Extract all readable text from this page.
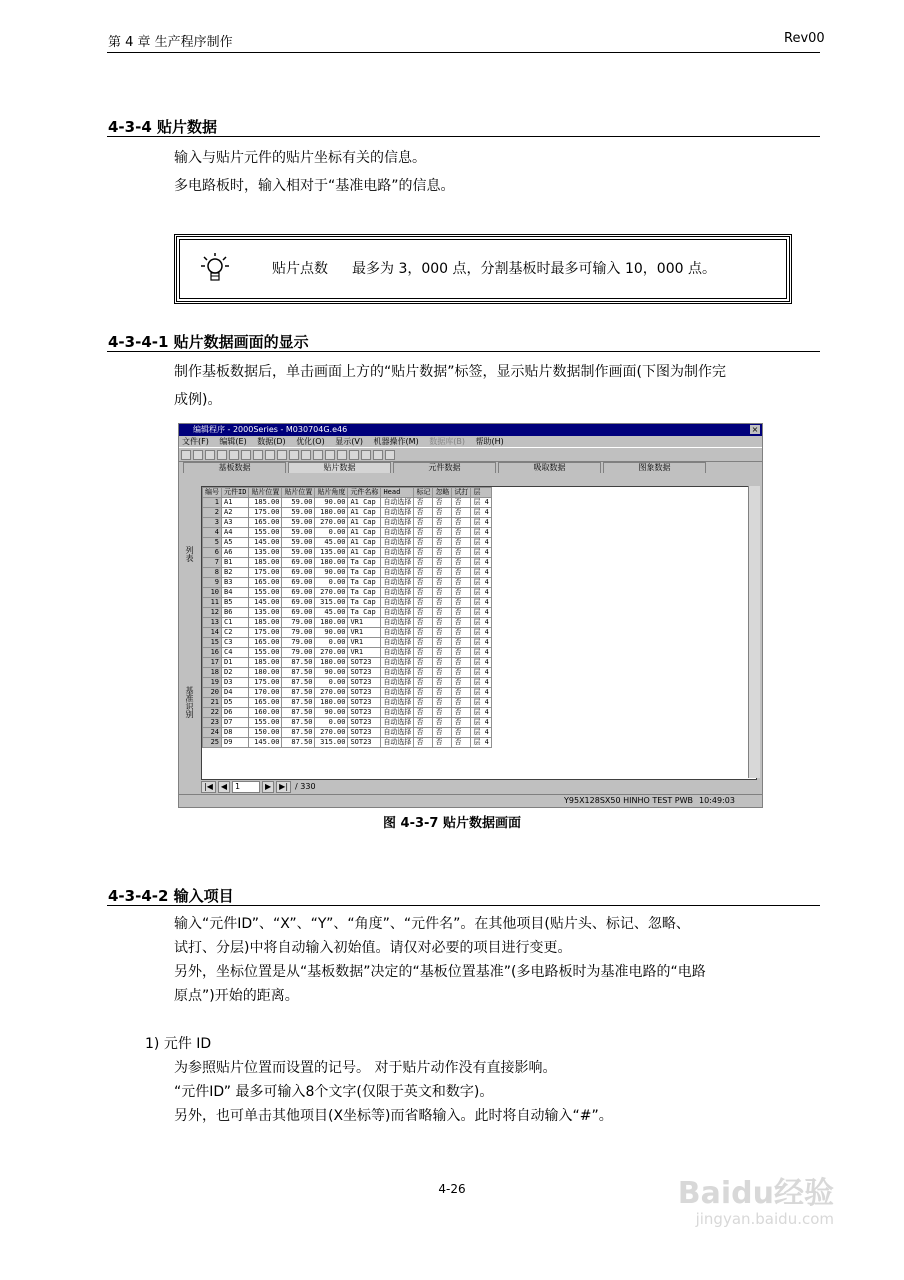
第 4 章 生产程序制作	Rev00
4-3-4 贴片数据
输入与贴片元件的贴片坐标有关的信息。
多电路板时，输入相对于“基准电路”的信息。
贴片点数 最多为 3，000 点，分割基板时最多可输入 10，000 点。
4-3-4-1 贴片数据画面的显示
制作基板数据后，单击画面上方的“贴片数据”标签，显示贴片数据制作画面(下图为制作完
成例)。
编辑程序 - 2000Series - M030704G.e46	×
文件(F) 编辑(E) 数据(D) 优化(O) 显示(V) 机器操作(M) 数据库(B) 帮助(H)
基板数据	贴片数据	元件数据	吸取数据	图象数据
列表
基准识别
编号	元件ID	贴片位置	贴片位置	贴片角度	元件名称	Head	标记	忽略	试打	层
1	A1	185.00	59.00	90.00	A1 Cap	自动选择	否	否	否	层 4
2	A2	175.00	59.00	180.00	A1 Cap	自动选择	否	否	否	层 4
3	A3	165.00	59.00	270.00	A1 Cap	自动选择	否	否	否	层 4
4	A4	155.00	59.00	0.00	A1 Cap	自动选择	否	否	否	层 4
5	A5	145.00	59.00	45.00	A1 Cap	自动选择	否	否	否	层 4
6	A6	135.00	59.00	135.00	A1 Cap	自动选择	否	否	否	层 4
7	B1	185.00	69.00	180.00	Ta Cap	自动选择	否	否	否	层 4
8	B2	175.00	69.00	90.00	Ta Cap	自动选择	否	否	否	层 4
9	B3	165.00	69.00	0.00	Ta Cap	自动选择	否	否	否	层 4
10	B4	155.00	69.00	270.00	Ta Cap	自动选择	否	否	否	层 4
11	B5	145.00	69.00	315.00	Ta Cap	自动选择	否	否	否	层 4
12	B6	135.00	69.00	45.00	Ta Cap	自动选择	否	否	否	层 4
13	C1	185.00	79.00	180.00	VR1	自动选择	否	否	否	层 4
14	C2	175.00	79.00	90.00	VR1	自动选择	否	否	否	层 4
15	C3	165.00	79.00	0.00	VR1	自动选择	否	否	否	层 4
16	C4	155.00	79.00	270.00	VR1	自动选择	否	否	否	层 4
17	D1	185.00	87.50	180.00	SOT23	自动选择	否	否	否	层 4
18	D2	180.00	87.50	90.00	SOT23	自动选择	否	否	否	层 4
19	D3	175.00	87.50	0.00	SOT23	自动选择	否	否	否	层 4
20	D4	170.00	87.50	270.00	SOT23	自动选择	否	否	否	层 4
21	D5	165.00	87.50	180.00	SOT23	自动选择	否	否	否	层 4
22	D6	160.00	87.50	90.00	SOT23	自动选择	否	否	否	层 4
23	D7	155.00	87.50	0.00	SOT23	自动选择	否	否	否	层 4
24	D8	150.00	87.50	270.00	SOT23	自动选择	否	否	否	层 4
25	D9	145.00	87.50	315.00	SOT23	自动选择	否	否	否	层 4
|◀	◀	1	▶	▶| / 330
Y95X128SX50 HINHO TEST PWB 10:49:03
图 4-3-7 贴片数据画面
4-3-4-2 输入项目
输入“元件ID”、“X”、“Y”、“角度”、“元件名”。在其他项目(贴片头、标记、忽略、
试打、分层)中将自动输入初始值。请仅对必要的项目进行变更。
另外，坐标位置是从“基板数据”决定的“基板位置基准”(多电路板时为基准电路的“电路
原点”)开始的距离。
1) 元件 ID
为参照贴片位置而设置的记号。 对于贴片动作没有直接影响。
“元件ID” 最多可输入8个文字(仅限于英文和数字)。
另外，也可单击其他项目(X坐标等)而省略输入。此时将自动输入“#”。
4-26	Baidu经验
jingyan.baidu.com
